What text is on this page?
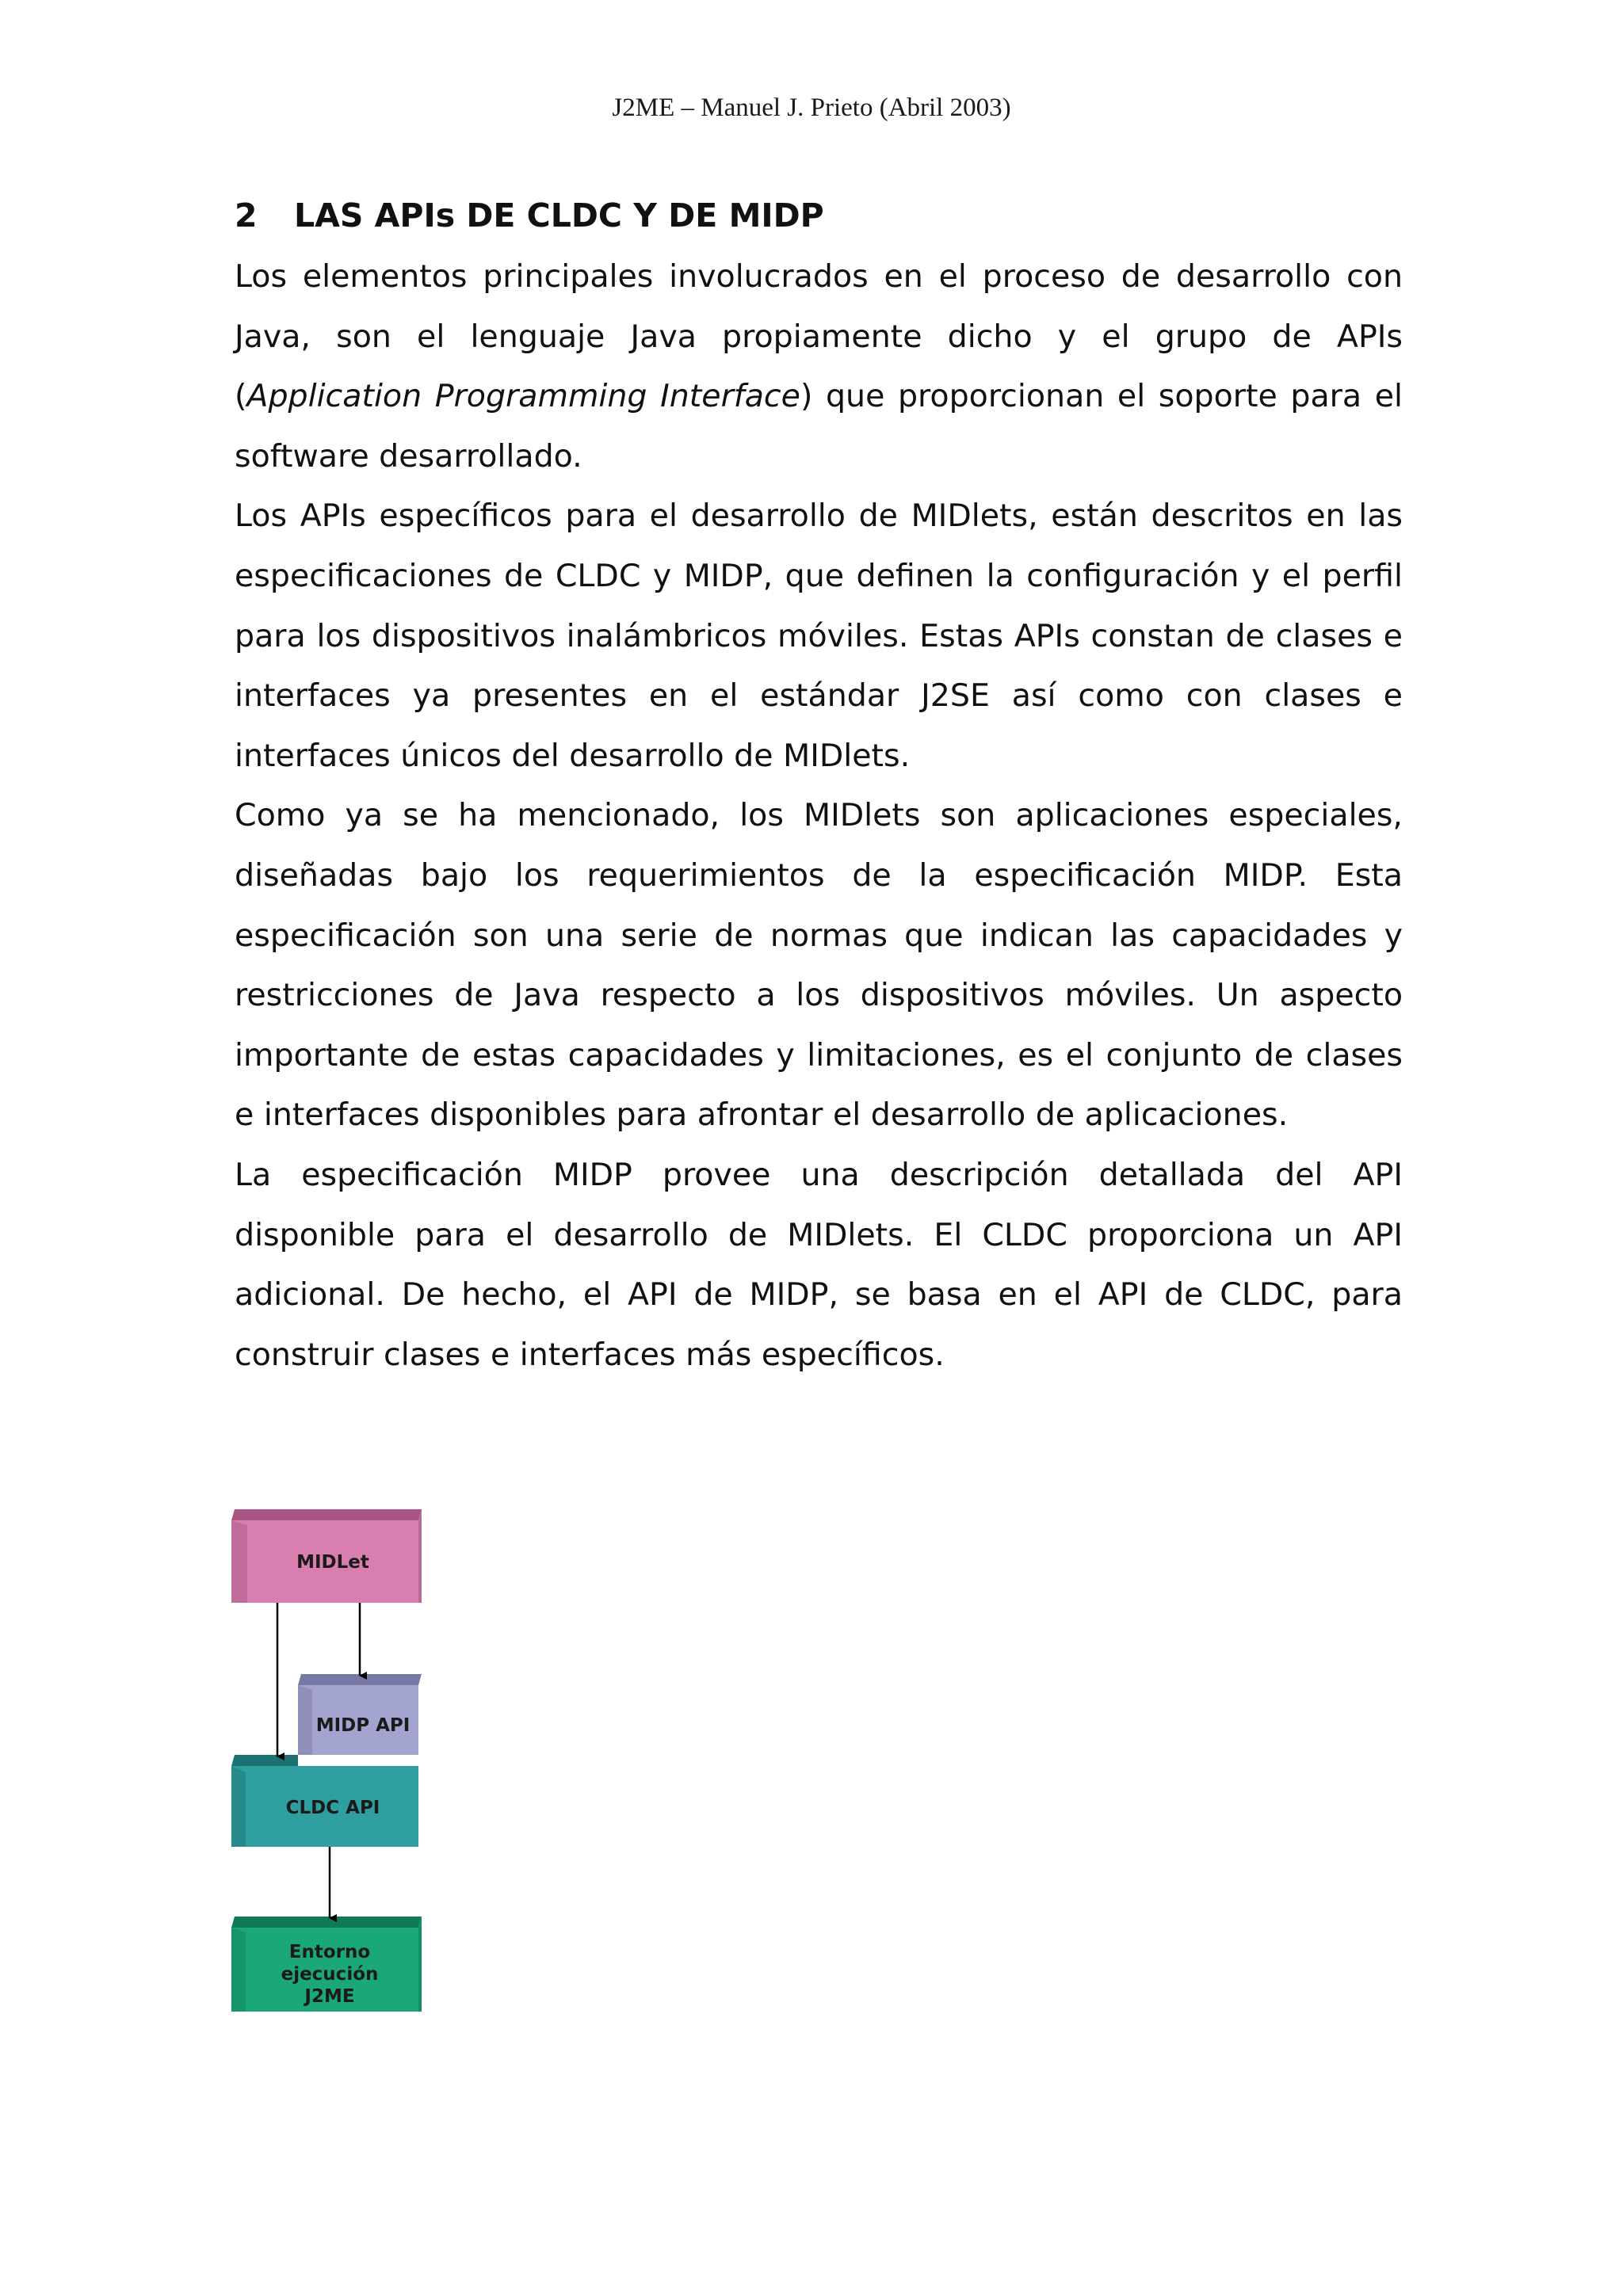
J2ME – Manuel J. Prieto (Abril 2003)
2 LAS APIs DE CLDC Y DE MIDP

Los elementos principales involucrados en el proceso de desarrollo con Java, son el lenguaje Java propiamente dicho y el grupo de APIs (Application Programming Interface) que proporcionan el soporte para el software desarrollado.

Los APIs específicos para el desarrollo de MIDlets, están descritos en las especificaciones de CLDC y MIDP, que definen la configuración y el perfil para los dispositivos inalámbricos móviles. Estas APIs constan de clases e interfaces ya presentes en el estándar J2SE así como con clases e interfaces únicos del desarrollo de MIDlets.

Como ya se ha mencionado, los MIDlets son aplicaciones especiales, diseñadas bajo los requerimientos de la especificación MIDP. Esta especificación son una serie de normas que indican las capacidades y restricciones de Java respecto a los dispositivos móviles. Un aspecto importante de estas capacidades y limitaciones, es el conjunto de clases e interfaces disponibles para afrontar el desarrollo de aplicaciones.

La especificación MIDP provee una descripción detallada del API disponible para el desarrollo de MIDlets. El CLDC proporciona un API adicional. De hecho, el API de MIDP, se basa en el API de CLDC, para construir clases e interfaces más específicos.

MIDLet
MIDP API
CLDC API
Entorno
ejecución
J2ME
